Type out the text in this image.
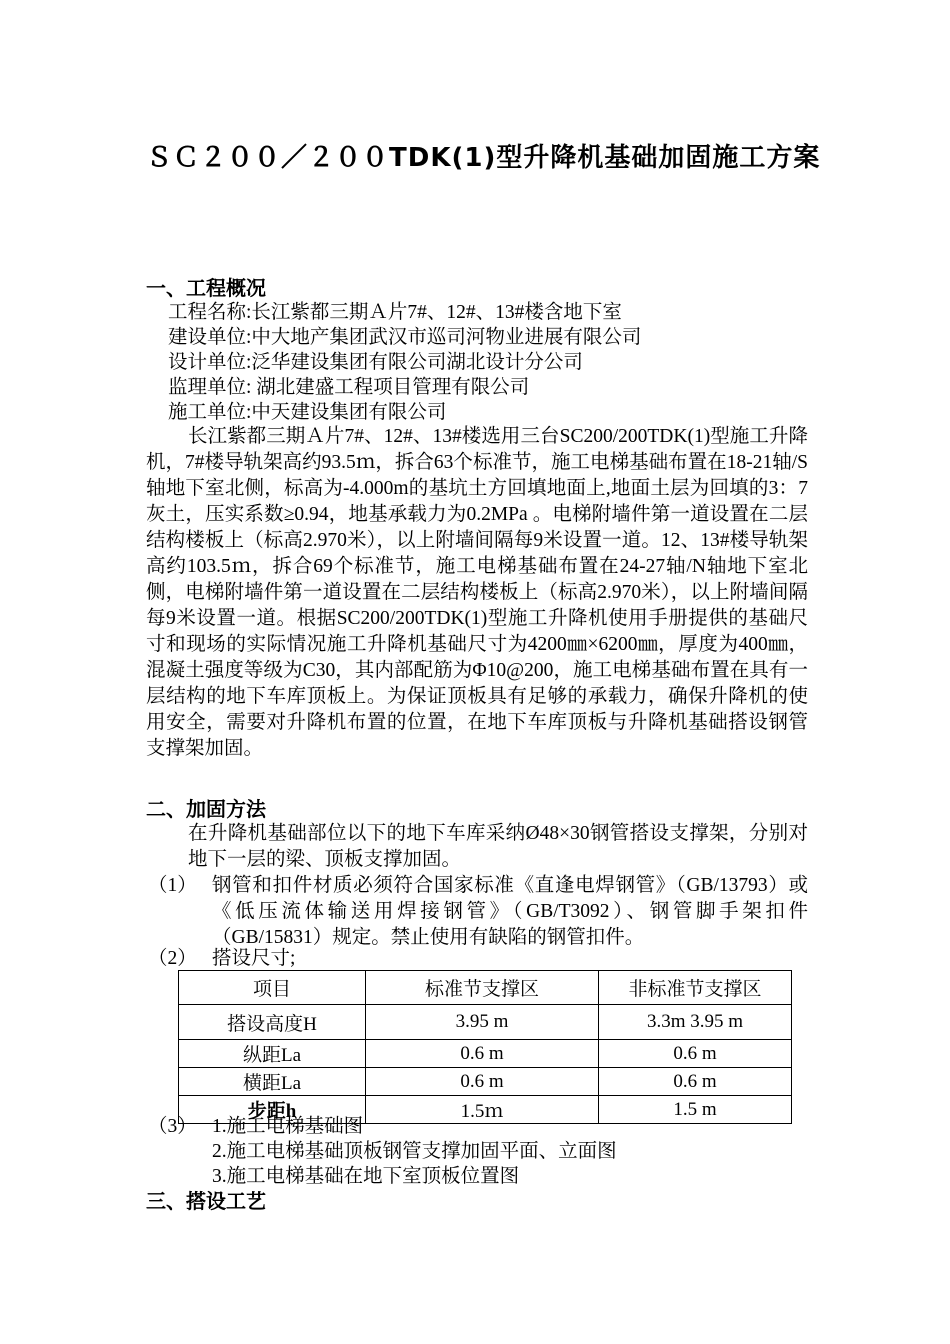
ＳＣ２００／２００TDK(1)型升降机基础加固施工方案
一、工程概况
工程名称:长江紫都三期Ａ片7#、12#、13#楼含地下室
建设单位:中大地产集团武汉市巡司河物业进展有限公司
设计单位:泛华建设集团有限公司湖北设计分公司
监理单位: 湖北建盛工程项目管理有限公司
施工单位:中天建设集团有限公司
长江紫都三期Ａ片7#、12#、13#楼选用三台SC200/200TDK(1)型施工升降机，7#楼导轨架高约93.5ｍ，拆合63个标准节，施工电梯基础布置在18-21轴/S轴地下室北侧，标高为-4.000m的基坑土方回填地面上,地面土层为回填的3：7灰土，压实系数≥0.94，地基承载力为0.2MPa 。电梯附墙件第一道设置在二层结构楼板上（标高2.970米），以上附墙间隔每9米设置一道。12、13#楼导轨架高约103.5ｍ，拆合69个标准节，施工电梯基础布置在24-27轴/N轴地下室北侧，电梯附墙件第一道设置在二层结构楼板上（标高2.970米），以上附墙间隔每9米设置一道。根据SC200/200TDK(1)型施工升降机使用手册提供的基础尺寸和现场的实际情况施工升降机基础尺寸为4200㎜×6200㎜，厚度为400㎜，混凝土强度等级为C30，其内部配筋为Φ10@200，施工电梯基础布置在具有一层结构的地下车库顶板上。为保证顶板具有足够的承载力，确保升降机的使用安全，需要对升降机布置的位置，在地下车库顶板与升降机基础搭设钢管支撑架加固。
二、加固方法
在升降机基础部位以下的地下车库采纳Ø48×30钢管搭设支撑架，分别对地下一层的梁、顶板支撑加固。
（1） 钢管和扣件材质必须符合国家标准《直逢电焊钢管》（GB/13793）或《低压流体输送用焊接钢管》（GB/T3092）、钢管脚手架扣件（GB/15831）规定。禁止使用有缺陷的钢管扣件。
（2） 搭设尺寸;
项目	标准节支撑区	非标准节支撑区
搭设高度H	3.95 m	3.3m 3.95 m
纵距La	0.6 m	0.6 m
横距La	0.6 m	0.6 m
步距h	1.5ｍ	1.5 m
（3） 1.施工电梯基础图
2.施工电梯基础顶板钢管支撑加固平面、立面图
3.施工电梯基础在地下室顶板位置图
三、搭设工艺
